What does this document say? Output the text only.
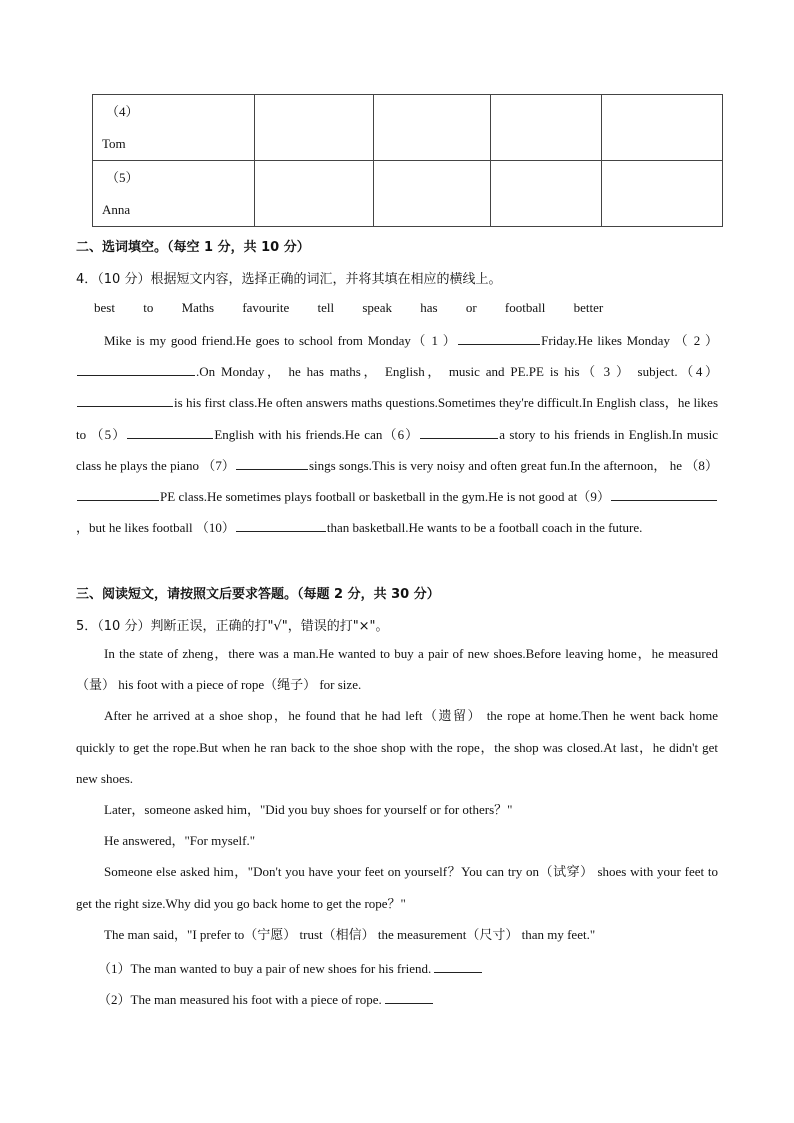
（4）
Tom				

（5）
Anna				

二、选词填空。（每空 1 分，共 10 分）
4．（10 分）根据短文内容，选择正确的词汇，并将其填在相应的横线上。
best to Maths favourite tell speak has or football better

Mike is my good friend.He goes to school from Monday（ 1 ）	Friday.He likes Monday （ 2 ）.On Monday， he has maths， English， music and PE.PE is his（ 3 ） subject.（4）is his first class.He often answers maths questions.Sometimes they're difficult.In English class，he likes to （5）	English with his friends.He can（6）	a story to his friends in English.In music class he plays the piano （7）	sings songs.This is very noisy and often great fun.In the afternoon， he （8）PE class.He sometimes plays football or basketball in the gym.He is not good at（9），but he likes football （10）	than basketball.He wants to be a football coach in the future.

三、阅读短文，请按照文后要求答题。（每题 2 分，共 30 分）
5．（10 分）判断正误，正确的打"√"，错误的打"×"。

In the state of zheng，there was a man.He wanted to buy a pair of new shoes.Before leaving home，he measured（量） his foot with a piece of rope（绳子） for size.

After he arrived at a shoe shop，he found that he had left（遗留） the rope at home.Then he went back home quickly to get the rope.But when he ran back to the shoe shop with the rope，the shop was closed.At last，he didn't get new shoes.

Later，someone asked him，"Did you buy shoes for yourself or for others？"

He answered，"For myself."

Someone else asked him，"Don't you have your feet on yourself？You can try on（试穿） shoes with your feet to get the right size.Why did you go back home to get the rope？"

The man said，"I prefer to（宁愿） trust（相信） the measurement（尺寸） than my feet."

（1）The man wanted to buy a pair of new shoes for his friend.
（2）The man measured his foot with a piece of rope.
